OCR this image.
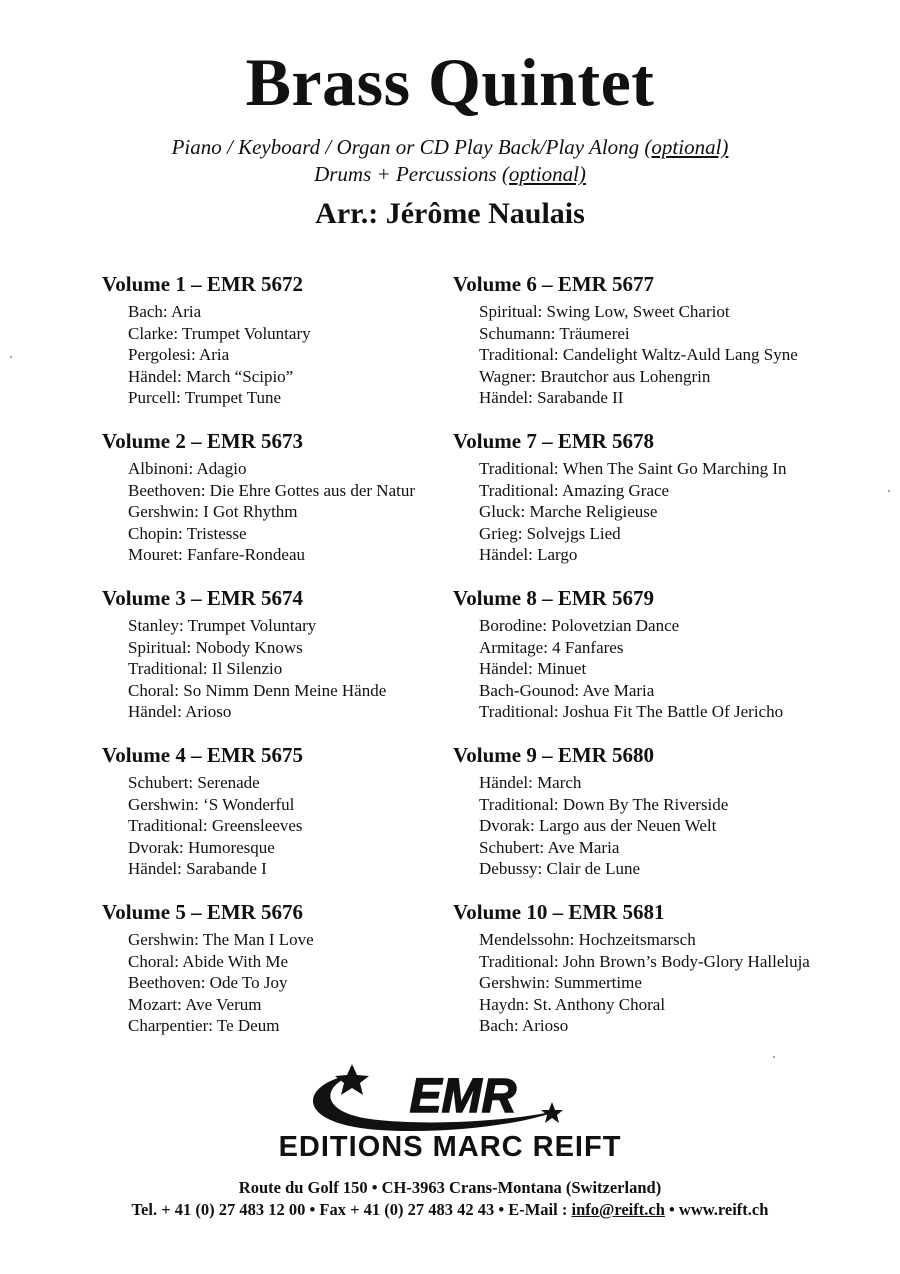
Brass Quintet
Piano / Keyboard / Organ or CD Play Back/Play Along (optional)
Drums + Percussions (optional)
Arr.: Jérôme Naulais
Volume 1 – EMR 5672
Bach: Aria
Clarke: Trumpet Voluntary
Pergolesi: Aria
Händel: March “Scipio”
Purcell: Trumpet Tune
Volume 2 – EMR 5673
Albinoni: Adagio
Beethoven: Die Ehre Gottes aus der Natur
Gershwin: I Got Rhythm
Chopin: Tristesse
Mouret: Fanfare-Rondeau
Volume 3 – EMR 5674
Stanley: Trumpet Voluntary
Spiritual: Nobody Knows
Traditional: Il Silenzio
Choral: So Nimm Denn Meine Hände
Händel: Arioso
Volume 4 – EMR 5675
Schubert: Serenade
Gershwin: ‘S Wonderful
Traditional: Greensleeves
Dvorak: Humoresque
Händel: Sarabande I
Volume 5 – EMR 5676
Gershwin: The Man I Love
Choral: Abide With Me
Beethoven: Ode To Joy
Mozart: Ave Verum
Charpentier: Te Deum
Volume 6 – EMR 5677
Spiritual: Swing Low, Sweet Chariot
Schumann: Träumerei
Traditional: Candelight Waltz-Auld Lang Syne
Wagner: Brautchor aus Lohengrin
Händel: Sarabande II
Volume 7 – EMR 5678
Traditional: When The Saint Go Marching In
Traditional: Amazing Grace
Gluck: Marche Religieuse
Grieg: Solvejgs Lied
Händel: Largo
Volume 8 – EMR 5679
Borodine: Polovetzian Dance
Armitage: 4 Fanfares
Händel: Minuet
Bach-Gounod: Ave Maria
Traditional: Joshua Fit The Battle Of Jericho
Volume 9 – EMR 5680
Händel: March
Traditional: Down By The Riverside
Dvorak: Largo aus der Neuen Welt
Schubert: Ave Maria
Debussy: Clair de Lune
Volume 10 – EMR 5681
Mendelssohn: Hochzeitsmarsch
Traditional: John Brown’s Body-Glory Halleluja
Gershwin: Summertime
Haydn: St. Anthony Choral
Bach: Arioso
EMR
EDITIONS MARC REIFT
Route du Golf 150 • CH-3963 Crans-Montana (Switzerland)
Tel. + 41 (0) 27 483 12 00 • Fax + 41 (0) 27 483 42 43 • E-Mail : info@reift.ch • www.reift.ch
